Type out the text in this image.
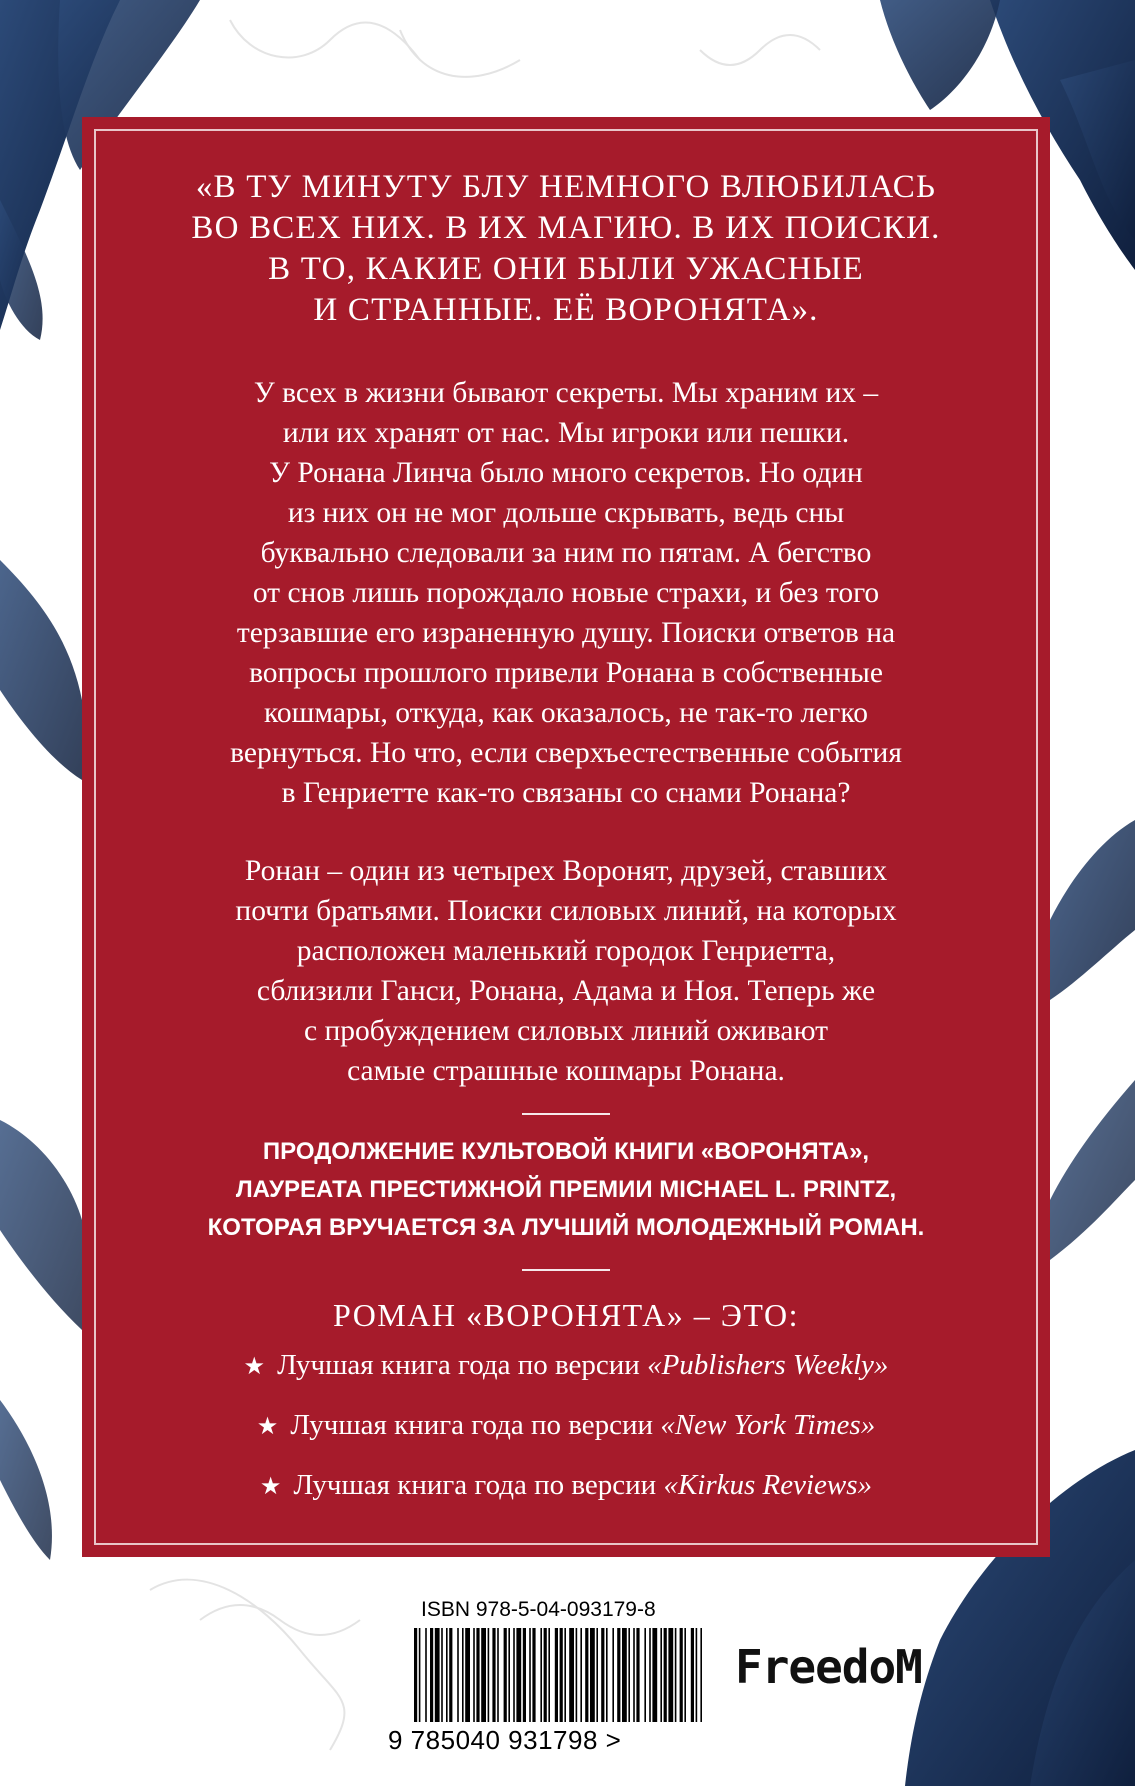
«В ТУ МИНУТУ БЛУ НЕМНОГО ВЛЮБИЛАСЬ
ВО ВСЕХ НИХ. В ИХ МАГИЮ. В ИХ ПОИСКИ.
В ТО, КАКИЕ ОНИ БЫЛИ УЖАСНЫЕ
И СТРАННЫЕ. ЕЁ ВОРОНЯТА».

У всех в жизни бывают секреты. Мы храним их –
или их хранят от нас. Мы игроки или пешки.
У Ронана Линча было много секретов. Но один
из них он не мог дольше скрывать, ведь сны
буквально следовали за ним по пятам. А бегство
от снов лишь порождало новые страхи, и без того
терзавшие его израненную душу. Поиски ответов на
вопросы прошлого привели Ронана в собственные
кошмары, откуда, как оказалось, не так-то легко
вернуться. Но что, если сверхъестественные события
в Генриетте как-то связаны со снами Ронана?

Ронан – один из четырех Воронят, друзей, ставших
почти братьями. Поиски силовых линий, на которых
расположен маленький городок Генриетта,
сблизили Ганси, Ронана, Адама и Ноя. Теперь же
с пробуждением силовых линий оживают
самые страшные кошмары Ронана.

ПРОДОЛЖЕНИЕ КУЛЬТОВОЙ КНИГИ «ВОРОНЯТА»,
ЛАУРЕАТА ПРЕСТИЖНОЙ ПРЕМИИ MICHAEL L. PRINTZ,
КОТОРАЯ ВРУЧАЕТСЯ ЗА ЛУЧШИЙ МОЛОДЕЖНЫЙ РОМАН.
РОМАН «ВОРОНЯТА» – ЭТО:
★ Лучшая книга года по версии «Publishers Weekly»
★ Лучшая книга года по версии «New York Times»
★ Лучшая книга года по версии «Kirkus Reviews»
ISBN 978-5-04-093179-8
9 785040 931798 >
FreedoM
